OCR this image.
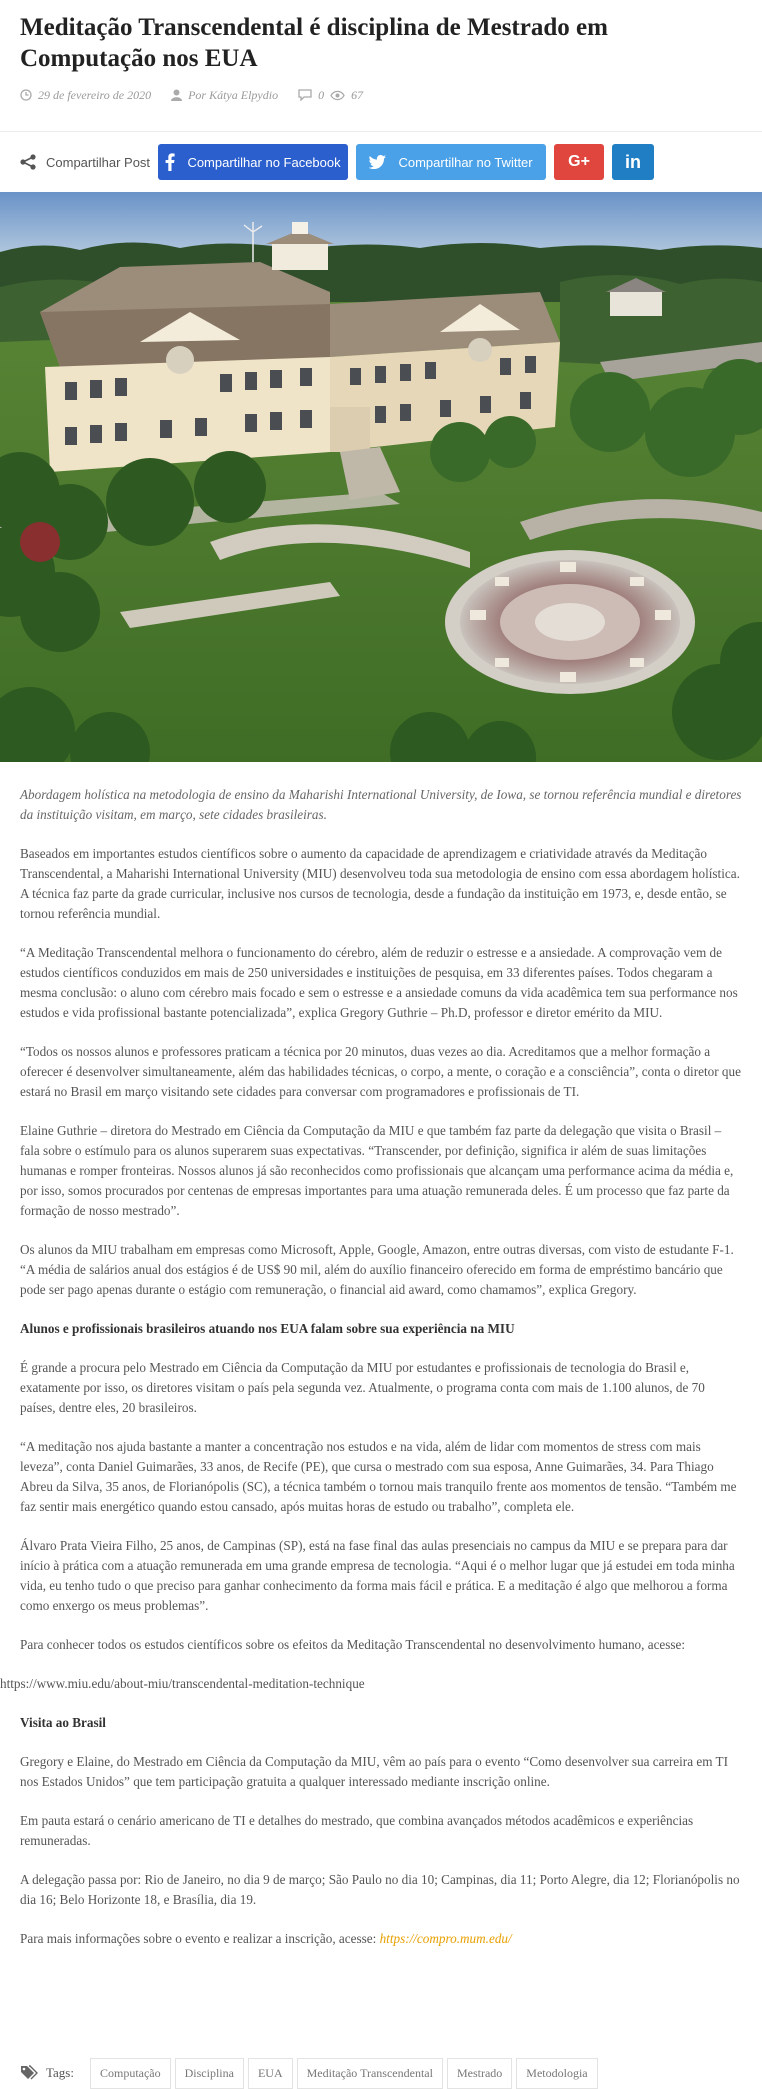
Meditação Transcendental é disciplina de Mestrado em Computação nos EUA
29 de fevereiro de 2020	Por Kátya Elpydio	0 67
Compartilhar Post	Compartilhar no Facebook	Compartilhar no Twitter G+ in

Abordagem holística na metodologia de ensino da Maharishi International University, de Iowa, se tornou referência mundial e diretores da instituição visitam, em março, sete cidades brasileiras.

Baseados em importantes estudos científicos sobre o aumento da capacidade de aprendizagem e criatividade através da Meditação Transcendental, a Maharishi International University (MIU) desenvolveu toda sua metodologia de ensino com essa abordagem holística. A técnica faz parte da grade curricular, inclusive nos cursos de tecnologia, desde a fundação da instituição em 1973, e, desde então, se tornou referência mundial.

“A Meditação Transcendental melhora o funcionamento do cérebro, além de reduzir o estresse e a ansiedade. A comprovação vem de estudos científicos conduzidos em mais de 250 universidades e instituições de pesquisa, em 33 diferentes países. Todos chegaram a mesma conclusão: o aluno com cérebro mais focado e sem o estresse e a ansiedade comuns da vida acadêmica tem sua performance nos estudos e vida profissional bastante potencializada”, explica Gregory Guthrie – Ph.D, professor e diretor emérito da MIU.

“Todos os nossos alunos e professores praticam a técnica por 20 minutos, duas vezes ao dia. Acreditamos que a melhor formação a oferecer é desenvolver simultaneamente, além das habilidades técnicas, o corpo, a mente, o coração e a consciência”, conta o diretor que estará no Brasil em março visitando sete cidades para conversar com programadores e profissionais de TI.

Elaine Guthrie – diretora do Mestrado em Ciência da Computação da MIU e que também faz parte da delegação que visita o Brasil – fala sobre o estímulo para os alunos superarem suas expectativas. “Transcender, por definição, significa ir além de suas limitações humanas e romper fronteiras. Nossos alunos já são reconhecidos como profissionais que alcançam uma performance acima da média e, por isso, somos procurados por centenas de empresas importantes para uma atuação remunerada deles. É um processo que faz parte da formação de nosso mestrado”.

Os alunos da MIU trabalham em empresas como Microsoft, Apple, Google, Amazon, entre outras diversas, com visto de estudante F-1. “A média de salários anual dos estágios é de US$ 90 mil, além do auxílio financeiro oferecido em forma de empréstimo bancário que pode ser pago apenas durante o estágio com remuneração, o financial aid award, como chamamos”, explica Gregory.

Alunos e profissionais brasileiros atuando nos EUA falam sobre sua experiência na MIU

É grande a procura pelo Mestrado em Ciência da Computação da MIU por estudantes e profissionais de tecnologia do Brasil e, exatamente por isso, os diretores visitam o país pela segunda vez. Atualmente, o programa conta com mais de 1.100 alunos, de 70 países, dentre eles, 20 brasileiros.

“A meditação nos ajuda bastante a manter a concentração nos estudos e na vida, além de lidar com momentos de stress com mais leveza”, conta Daniel Guimarães, 33 anos, de Recife (PE), que cursa o mestrado com sua esposa, Anne Guimarães, 34. Para Thiago Abreu da Silva, 35 anos, de Florianópolis (SC), a técnica também o tornou mais tranquilo frente aos momentos de tensão. “Também me faz sentir mais energético quando estou cansado, após muitas horas de estudo ou trabalho”, completa ele.

Álvaro Prata Vieira Filho, 25 anos, de Campinas (SP), está na fase final das aulas presenciais no campus da MIU e se prepara para dar início à prática com a atuação remunerada em uma grande empresa de tecnologia. “Aqui é o melhor lugar que já estudei em toda minha vida, eu tenho tudo o que preciso para ganhar conhecimento da forma mais fácil e prática. E a meditação é algo que melhorou a forma como enxergo os meus problemas”.

Para conhecer todos os estudos científicos sobre os efeitos da Meditação Transcendental no desenvolvimento humano, acesse:

https://www.miu.edu/about-miu/transcendental-meditation-technique

Visita ao Brasil

Gregory e Elaine, do Mestrado em Ciência da Computação da MIU, vêm ao país para o evento “Como desenvolver sua carreira em TI nos Estados Unidos” que tem participação gratuita a qualquer interessado mediante inscrição online.

Em pauta estará o cenário americano de TI e detalhes do mestrado, que combina avançados métodos acadêmicos e experiências remuneradas.

A delegação passa por: Rio de Janeiro, no dia 9 de março; São Paulo no dia 10; Campinas, dia 11; Porto Alegre, dia 12; Florianópolis no dia 16; Belo Horizonte 18, e Brasília, dia 19.

Para mais informações sobre o evento e realizar a inscrição, acesse: https://compro.mum.edu/

Tags:	Computação	Disciplina	EUA	Meditação Transcendental	Mestrado	Metodologia
